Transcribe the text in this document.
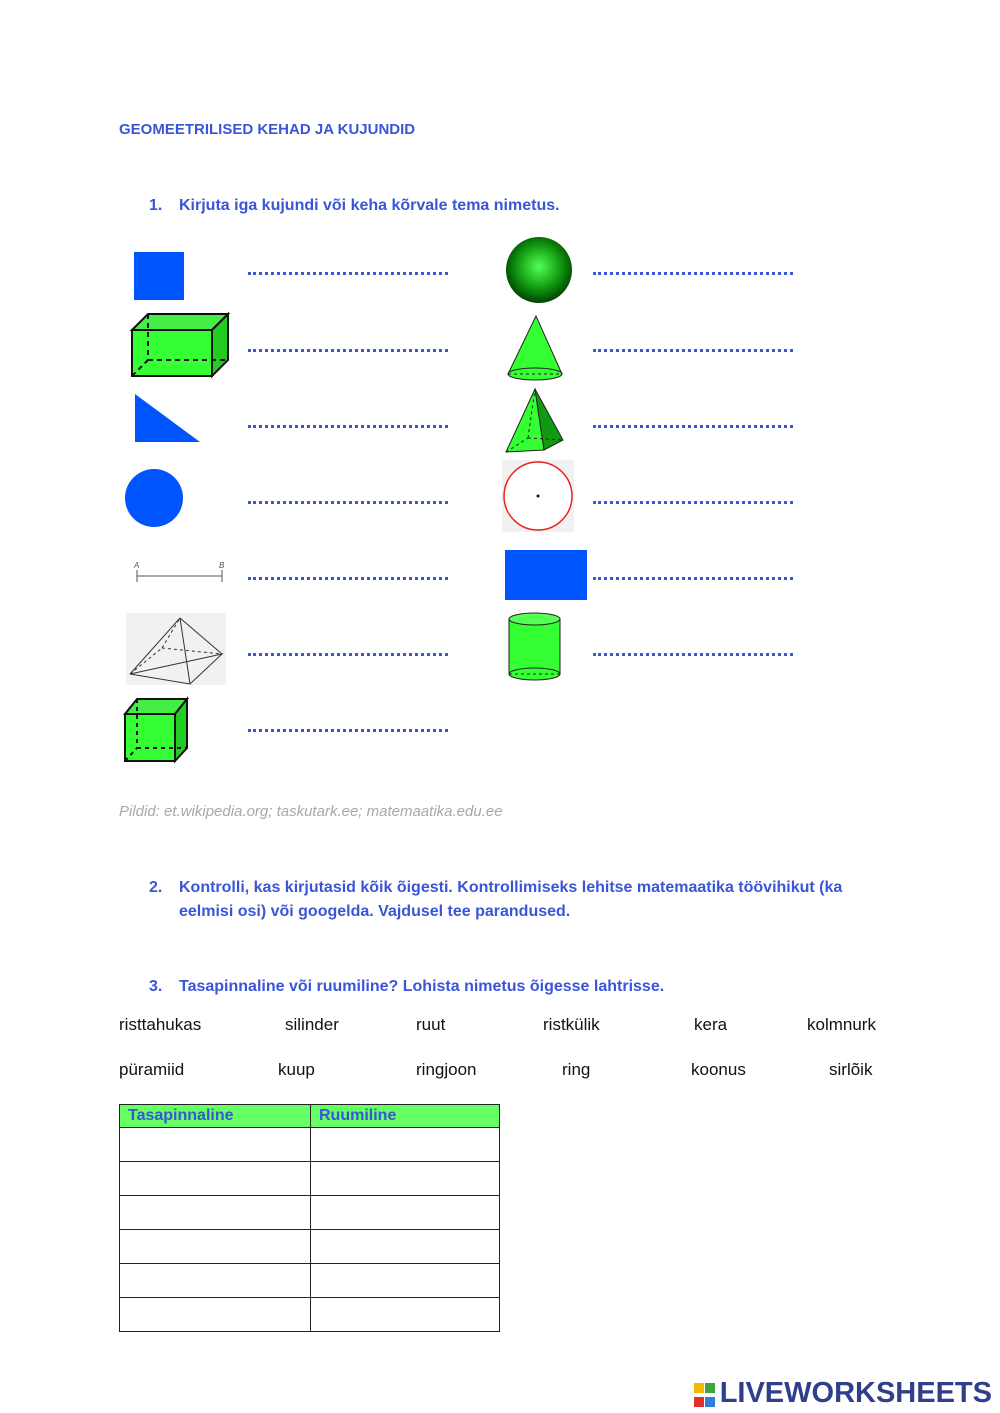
GEOMEETRILISED KEHAD JA KUJUNDID
1. Kirjuta iga kujundi või keha kõrvale tema nimetus.
A	B
Pildid: et.wikipedia.org; taskutark.ee; matemaatika.edu.ee
2. Kontrolli, kas kirjutasid kõik õigesti. Kontrollimiseks lehitse matemaatika töövihikut (ka
eelmisi osi) või googelda. Vajdusel tee parandused.
3. Tasapinnaline või ruumiline? Lohista nimetus õigesse lahtrisse.
risttahukas	silinder	ruut	ristkülik	kera	kolmnurk
püramiid	kuup	ringjoon	ring	koonus	sirlõik
Tasapinnaline	Ruumiline

LIVEWORKSHEETS
